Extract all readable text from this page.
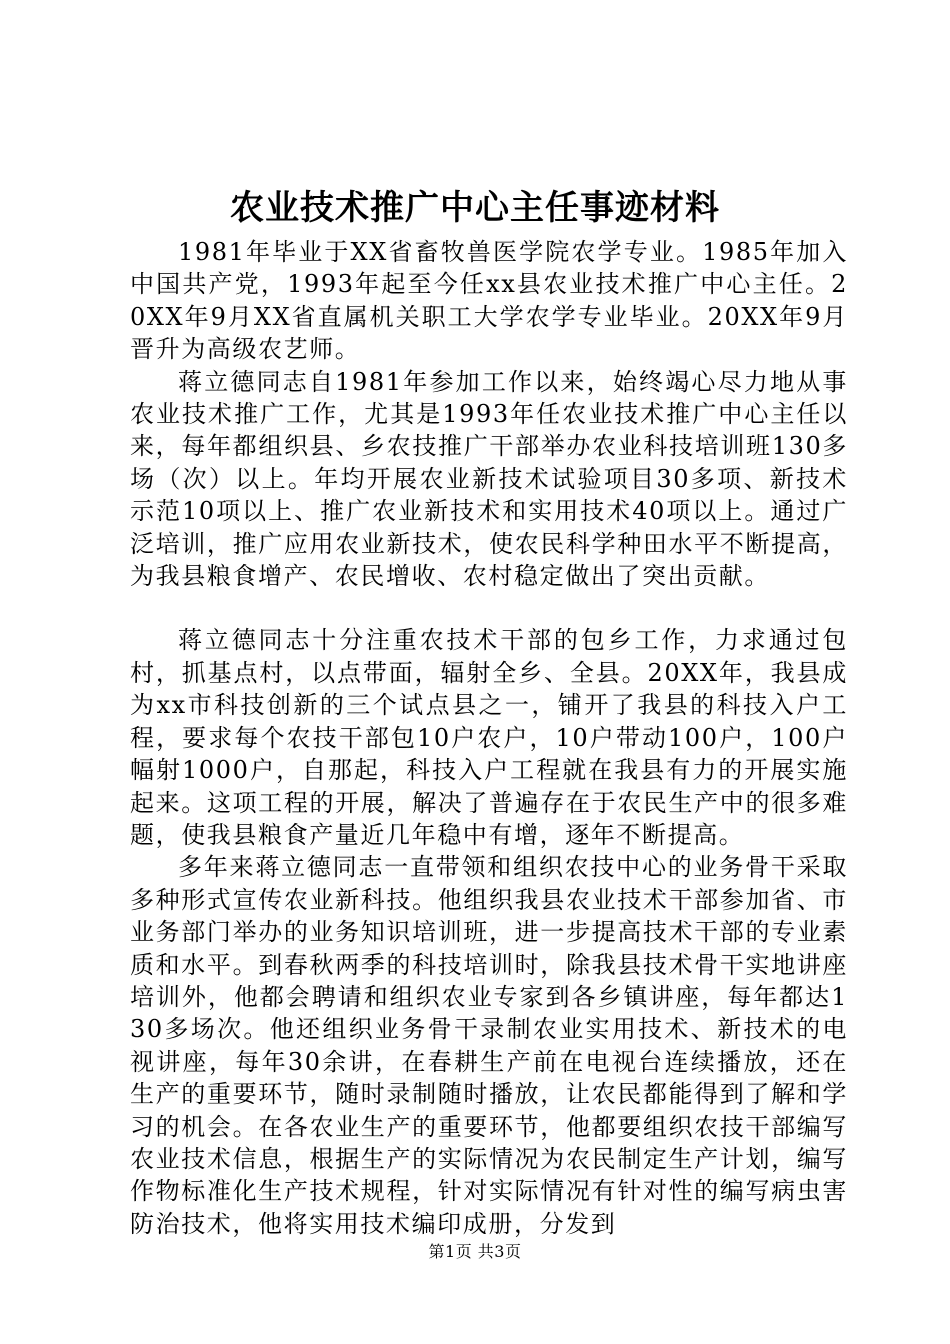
农业技术推广中心主任事迹材料

1981年毕业于XX省畜牧兽医学院农学专业。1985年加入中国共产党，1993年起至今任xx县农业技术推广中心主任。20XX年9月XX省直属机关职工大学农学专业毕业。20XX年9月晋升为高级农艺师。

蒋立德同志自1981年参加工作以来，始终竭心尽力地从事农业技术推广工作，尤其是1993年任农业技术推广中心主任以来，每年都组织县、乡农技推广干部举办农业科技培训班130多场（次）以上。年均开展农业新技术试验项目30多项、新技术示范10项以上、推广农业新技术和实用技术40项以上。通过广泛培训，推广应用农业新技术，使农民科学种田水平不断提高，为我县粮食增产、农民增收、农村稳定做出了突出贡献。

蒋立德同志十分注重农技术干部的包乡工作，力求通过包村，抓基点村，以点带面，辐射全乡、全县。20XX年，我县成为xx市科技创新的三个试点县之一，铺开了我县的科技入户工程，要求每个农技干部包10户农户，10户带动100户，100户幅射1000户，自那起，科技入户工程就在我县有力的开展实施起来。这项工程的开展，解决了普遍存在于农民生产中的很多难题，使我县粮食产量近几年稳中有增，逐年不断提高。

多年来蒋立德同志一直带领和组织农技中心的业务骨干采取多种形式宣传农业新科技。他组织我县农业技术干部参加省、市业务部门举办的业务知识培训班，进一步提高技术干部的专业素质和水平。到春秋两季的科技培训时，除我县技术骨干实地讲座培训外，他都会聘请和组织农业专家到各乡镇讲座，每年都达130多场次。他还组织业务骨干录制农业实用技术、新技术的电视讲座，每年30余讲，在春耕生产前在电视台连续播放，还在生产的重要环节，随时录制随时播放，让农民都能得到了解和学习的机会。在各农业生产的重要环节，他都要组织农技干部编写农业技术信息，根据生产的实际情况为农民制定生产计划，编写作物标准化生产技术规程，针对实际情况有针对性的编写病虫害防治技术，他将实用技术编印成册，分发到

第1页 共3页
